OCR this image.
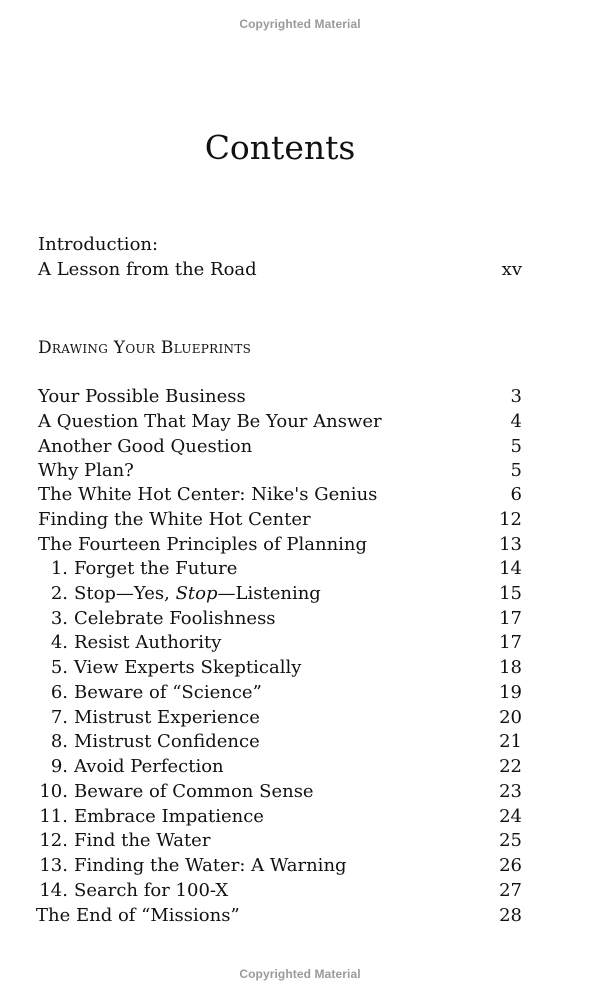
Copyrighted Material
Contents
Introduction:
A Lesson from the Road	xv
Drawing Your Blueprints
Your Possible Business	3
A Question That May Be Your Answer	4
Another Good Question	5
Why Plan?	5
The White Hot Center: Nike's Genius	6
Finding the White Hot Center	12
The Fourteen Principles of Planning	13
1. Forget the Future	14
2. Stop—Yes, Stop—Listening	15
3. Celebrate Foolishness	17
4. Resist Authority	17
5. View Experts Skeptically	18
6. Beware of “Science”	19
7. Mistrust Experience	20
8. Mistrust Confidence	21
9. Avoid Perfection	22
10. Beware of Common Sense	23
11. Embrace Impatience	24
12. Find the Water	25
13. Finding the Water: A Warning	26
14. Search for 100-X	27
The End of “Missions”	28
Copyrighted Material
